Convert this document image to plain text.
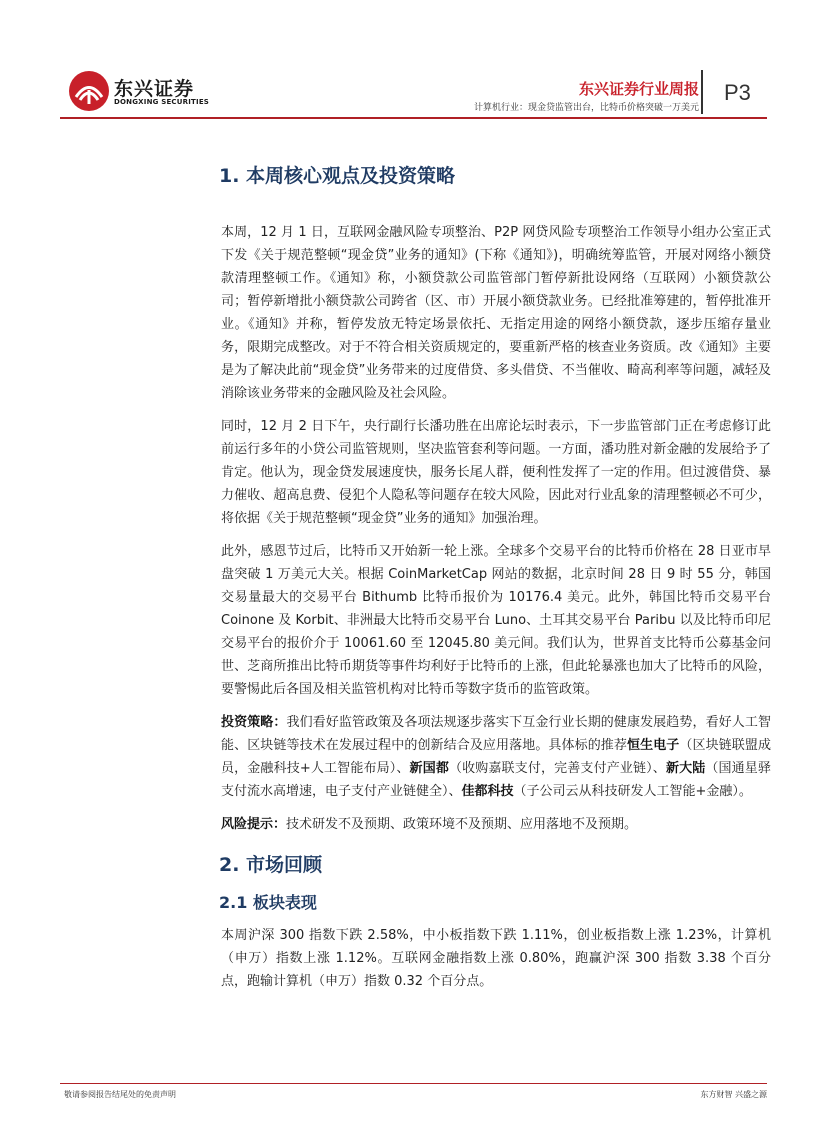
东兴证券
DONGXING SECURITIES
东兴证券行业周报
计算机行业：现金贷监管出台，比特币价格突破一万美元
P3
1. 本周核心观点及投资策略

本周，12 月 1 日，互联网金融风险专项整治、P2P 网贷风险专项整治工作领导小组办公室正式下发《关于规范整顿“现金贷”业务的通知》(下称《通知》)，明确统筹监管，开展对网络小额贷款清理整顿工作。《通知》称，小额贷款公司监管部门暂停新批设网络（互联网）小额贷款公司；暂停新增批小额贷款公司跨省（区、市）开展小额贷款业务。已经批准筹建的，暂停批准开业。《通知》并称，暂停发放无特定场景依托、无指定用途的网络小额贷款，逐步压缩存量业务，限期完成整改。对于不符合相关资质规定的，要重新严格的核查业务资质。改《通知》主要是为了解决此前“现金贷”业务带来的过度借贷、多头借贷、不当催收、畸高利率等问题，减轻及消除该业务带来的金融风险及社会风险。

同时，12 月 2 日下午，央行副行长潘功胜在出席论坛时表示，下一步监管部门正在考虑修订此前运行多年的小贷公司监管规则，坚决监管套利等问题。一方面，潘功胜对新金融的发展给予了肯定。他认为，现金贷发展速度快，服务长尾人群，便利性发挥了一定的作用。但过渡借贷、暴力催收、超高息费、侵犯个人隐私等问题存在较大风险，因此对行业乱象的清理整顿必不可少，将依据《关于规范整顿“现金贷”业务的通知》加强治理。

此外，感恩节过后，比特币又开始新一轮上涨。全球多个交易平台的比特币价格在 28 日亚市早盘突破 1 万美元大关。根据 CoinMarketCap 网站的数据，北京时间 28 日 9 时 55 分，韩国交易量最大的交易平台 Bithumb 比特币报价为 10176.4 美元。此外，韩国比特币交易平台 Coinone 及 Korbit、非洲最大比特币交易平台 Luno、土耳其交易平台 Paribu 以及比特币印尼交易平台的报价介于 10061.60 至 12045.80 美元间。我们认为，世界首支比特币公募基金问世、芝商所推出比特币期货等事件均利好于比特币的上涨，但此轮暴涨也加大了比特币的风险，要警惕此后各国及相关监管机构对比特币等数字货币的监管政策。

投资策略：我们看好监管政策及各项法规逐步落实下互金行业长期的健康发展趋势，看好人工智能、区块链等技术在发展过程中的创新结合及应用落地。具体标的推荐恒生电子（区块链联盟成员，金融科技+人工智能布局）、新国都（收购嘉联支付，完善支付产业链）、新大陆（国通星驿支付流水高增速，电子支付产业链健全）、佳都科技（子公司云从科技研发人工智能+金融）。

风险提示：技术研发不及预期、政策环境不及预期、应用落地不及预期。

2. 市场回顾
2.1 板块表现

本周沪深 300 指数下跌 2.58%，中小板指数下跌 1.11%，创业板指数上涨 1.23%，计算机（申万）指数上涨 1.12%。互联网金融指数上涨 0.80%，跑赢沪深 300 指数 3.38 个百分点，跑输计算机（申万）指数 0.32 个百分点。

敬请参阅报告结尾处的免责声明	东方财智 兴盛之源
